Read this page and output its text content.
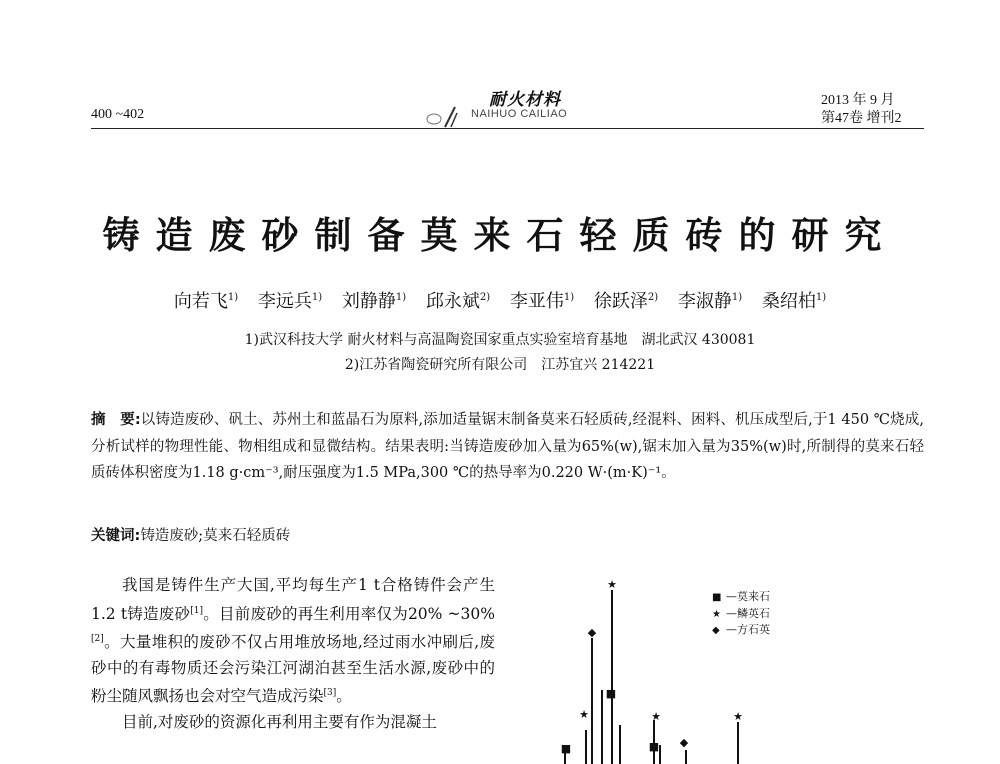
400 ~402
耐火材料
NAIHUO CAILIAO
2013 年 9 月
第47卷 增刊2
铸造废砂制备莫来石轻质砖的研究
向若飞$^{1)}$ 李远兵$^{1)}$ 刘静静$^{1)}$ 邱永斌$^{2)}$ 李亚伟$^{1)}$ 徐跃泽$^{2)}$ 李淑静$^{1)}$ 桑绍柏$^{1)}$
1)武汉科技大学 耐火材料与高温陶瓷国家重点实验室培育基地　湖北武汉 430081
2)江苏省陶瓷研究所有限公司　江苏宜兴 214221
摘　要:以铸造废砂、矾土、苏州土和蓝晶石为原料,添加适量锯末制备莫来石轻质砖,经混料、困料、机压成型后,于1 450 ℃烧成,分析试样的物理性能、物相组成和显微结构。结果表明:当铸造废砂加入量为65%(w),锯末加入量为35%(w)时,所制得的莫来石轻质砖体积密度为1.18 g·cm⁻³,耐压强度为1.5 MPa,300 ℃的热导率为0.220 W·(m·K)⁻¹。
关键词:铸造废砂;莫来石轻质砖

我国是铸件生产大国,平均每生产1 t合格铸件会产生1.2 t铸造废砂[1]。目前废砂的再生利用率仅为20% ~30%[2]。大量堆积的废砂不仅占用堆放场地,经过雨水冲刷后,废砂中的有毒物质还会污染江河湖泊甚至生活水源,废砂中的粉尘随风飘扬也会对空气造成污染[3]。

目前,对废砂的资源化再利用主要有作为混凝土

★
◆
■
★
■
★
■ ◆
★
■ —莫来石
★ —鳞英石
◆ —方石英
